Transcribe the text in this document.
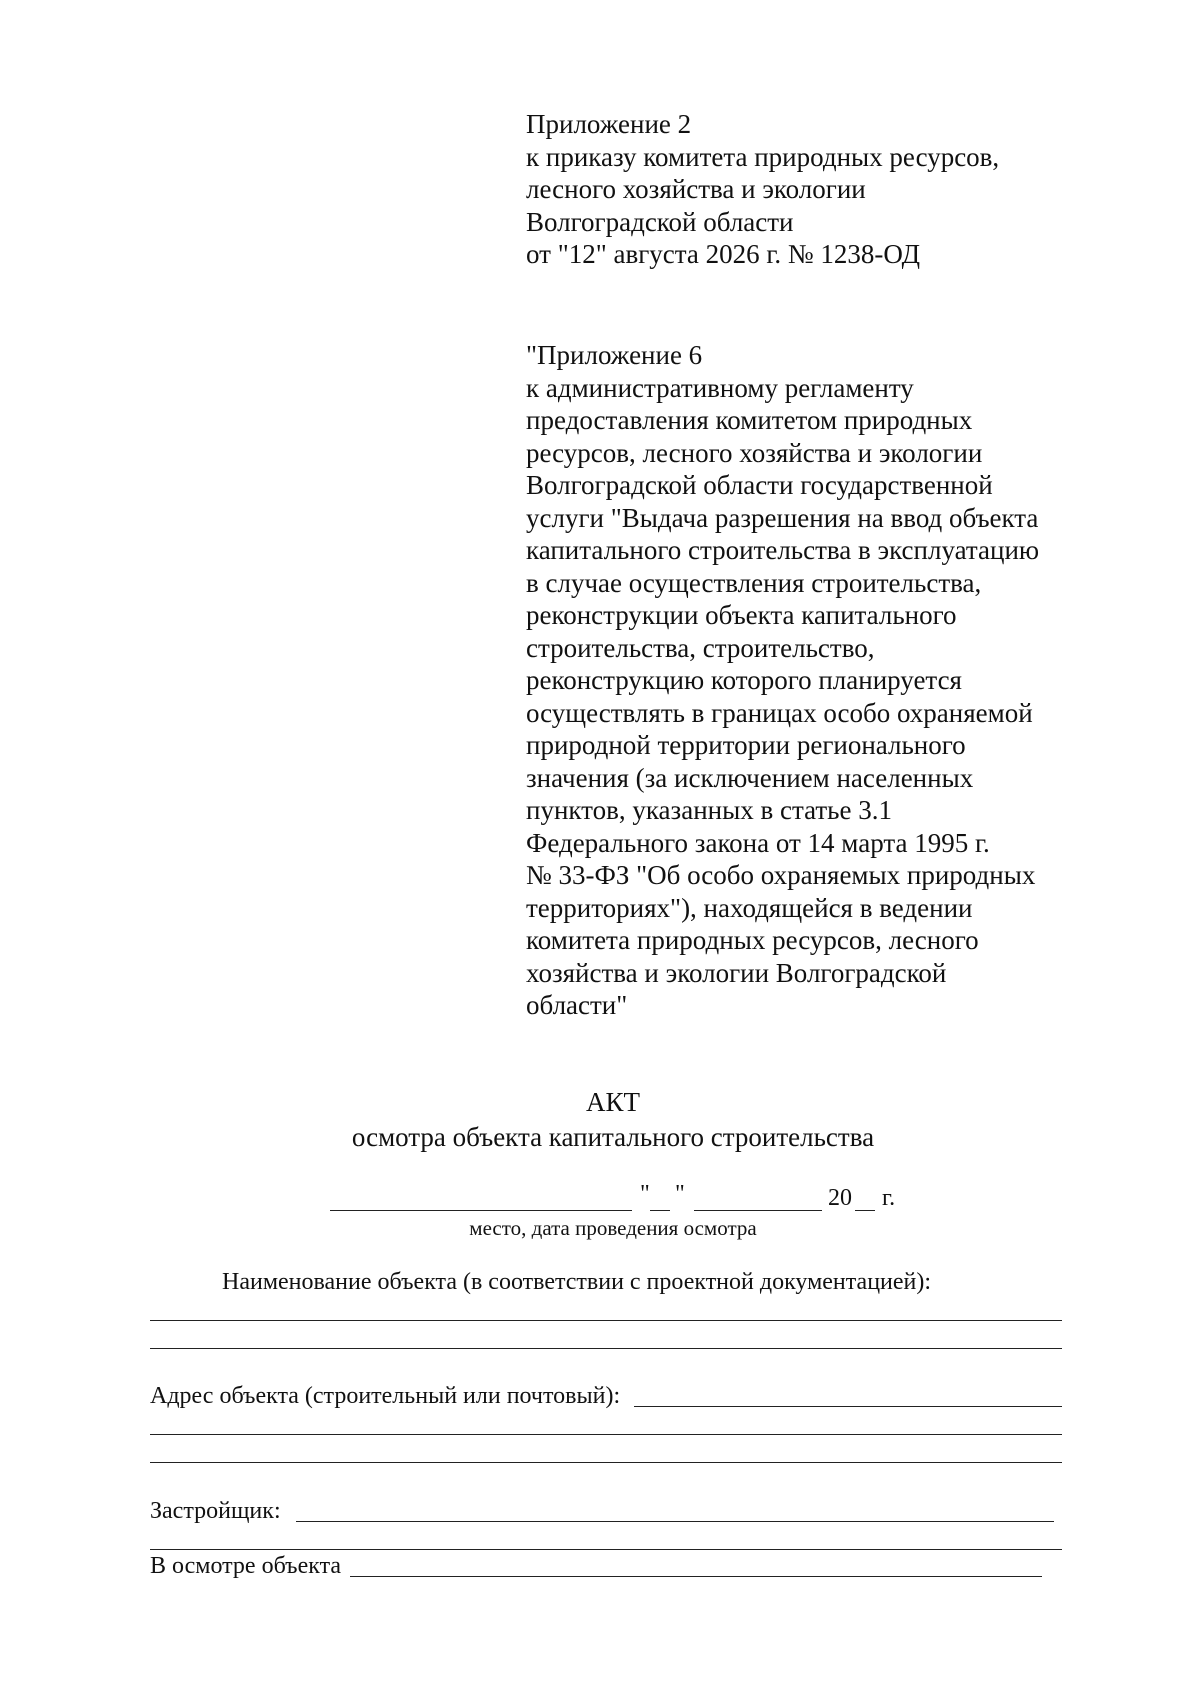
Приложение 2
к приказу комитета природных ресурсов,
лесного хозяйства и экологии
Волгоградской области
от "12" августа 2026 г. № 1238-ОД
"Приложение 6
к административному регламенту
предоставления комитетом природных
ресурсов, лесного хозяйства и экологии
Волгоградской области государственной
услуги "Выдача разрешения на ввод объекта
капитального строительства в эксплуатацию
в случае осуществления строительства,
реконструкции объекта капитального
строительства, строительство,
реконструкцию которого планируется
осуществлять в границах особо охраняемой
природной территории регионального
значения (за исключением населенных
пунктов, указанных в статье 3.1
Федерального закона от 14 марта 1995 г.
№ 33-ФЗ "Об особо охраняемых природных
территориях"), находящейся в ведении
комитета природных ресурсов, лесного
хозяйства и экологии Волгоградской
области"
АКТ
осмотра объекта капитального строительства
" "	20 г.
место, дата проведения осмотра
Наименование объекта (в соответствии с проектной документацией):
Адрес объекта (строительный или почтовый):
Застройщик:
В осмотре объекта
